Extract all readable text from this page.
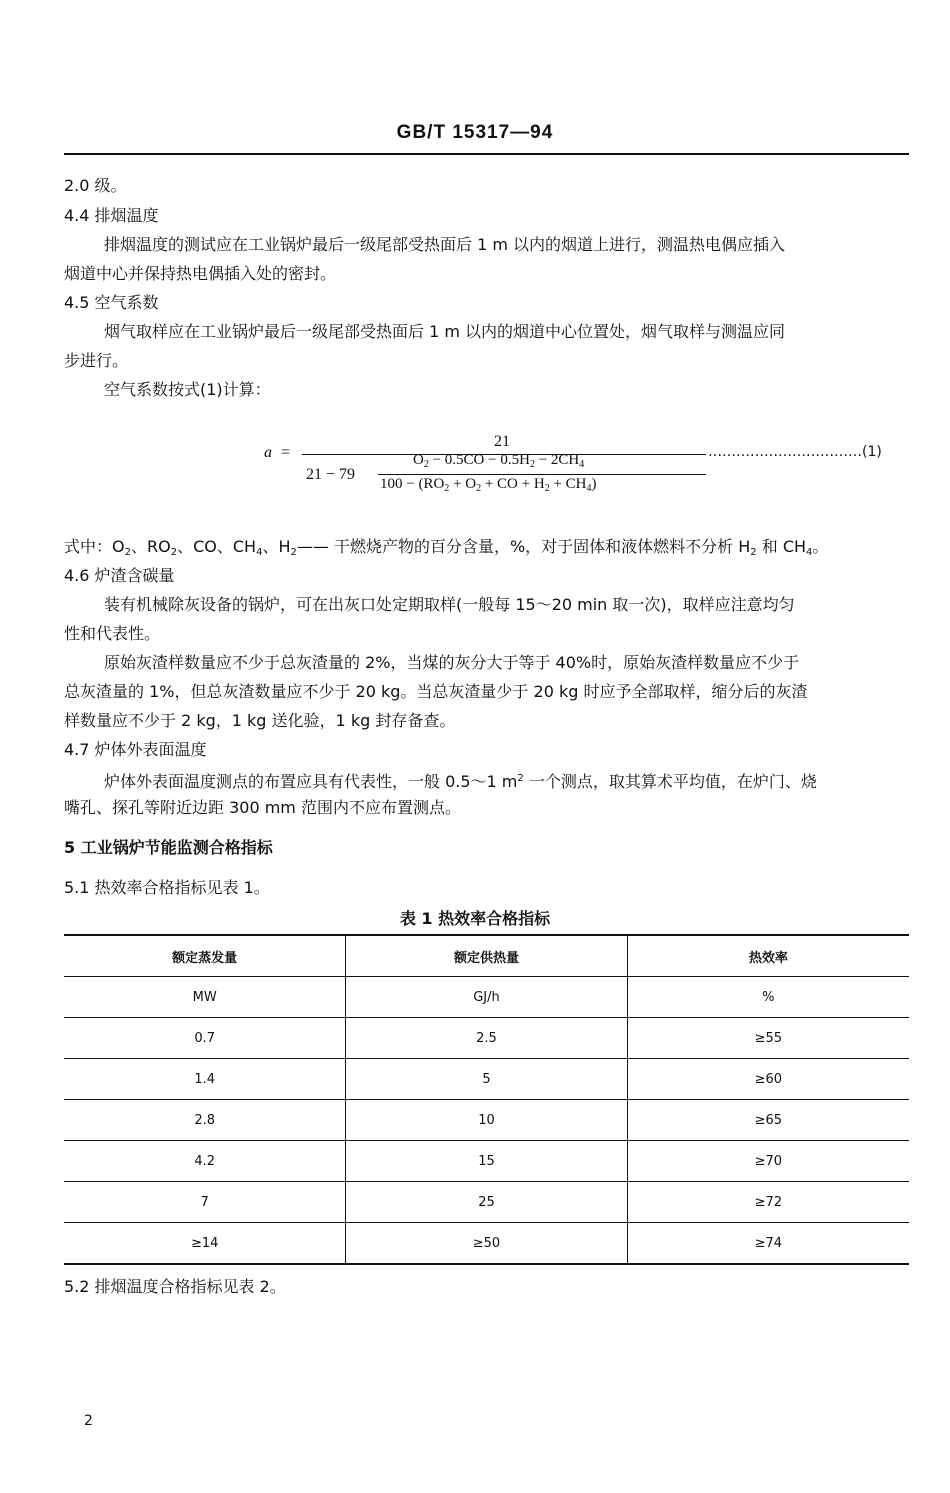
GB/T 15317—94
2.0 级。
4.4 排烟温度
排烟温度的测试应在工业锅炉最后一级尾部受热面后 1 m 以内的烟道上进行，测温热电偶应插入
烟道中心并保持热电偶插入处的密封。
4.5 空气系数
烟气取样应在工业锅炉最后一级尾部受热面后 1 m 以内的烟道中心位置处，烟气取样与测温应同
步进行。
空气系数按式(1)计算：
a =
21
21 − 79
$O_2 - 0.5CO - 0.5H_2 - 2CH_4$
$100 - (RO_2 + O_2$ + CO + $H_2 + CH_4$)
……………………………(1)
式中：$O_2$、$RO_2$、CO、$CH_4$、$H_2——$ 干燃烧产物的百分含量，%，对于固体和液体燃料不分析 $H_2$ 和 $CH_4$。
4.6 炉渣含碳量
装有机械除灰设备的锅炉，可在出灰口处定期取样(一般每 15～20 min 取一次)，取样应注意均匀
性和代表性。
原始灰渣样数量应不少于总灰渣量的 2%，当煤的灰分大于等于 40%时，原始灰渣样数量应不少于
总灰渣量的 1%，但总灰渣数量应不少于 20 kg。当总灰渣量少于 20 kg 时应予全部取样，缩分后的灰渣
样数量应不少于 2 kg，1 kg 送化验，1 kg 封存备查。
4.7 炉体外表面温度
炉体外表面温度测点的布置应具有代表性，一般 0.5～1 $m^2$ 一个测点，取其算术平均值，在炉门、烧
嘴孔、探孔等附近边距 300 mm 范围内不应布置测点。
5 工业锅炉节能监测合格指标
5.1 热效率合格指标见表 1。
表 1 热效率合格指标
额定蒸发量	额定供热量	热效率
MW	GJ/h	%
0.7	2.5	≥55
1.4	5	≥60
2.8	10	≥65
4.2	15	≥70
7	25	≥72
≥14	≥50	≥74
5.2 排烟温度合格指标见表 2。
2
